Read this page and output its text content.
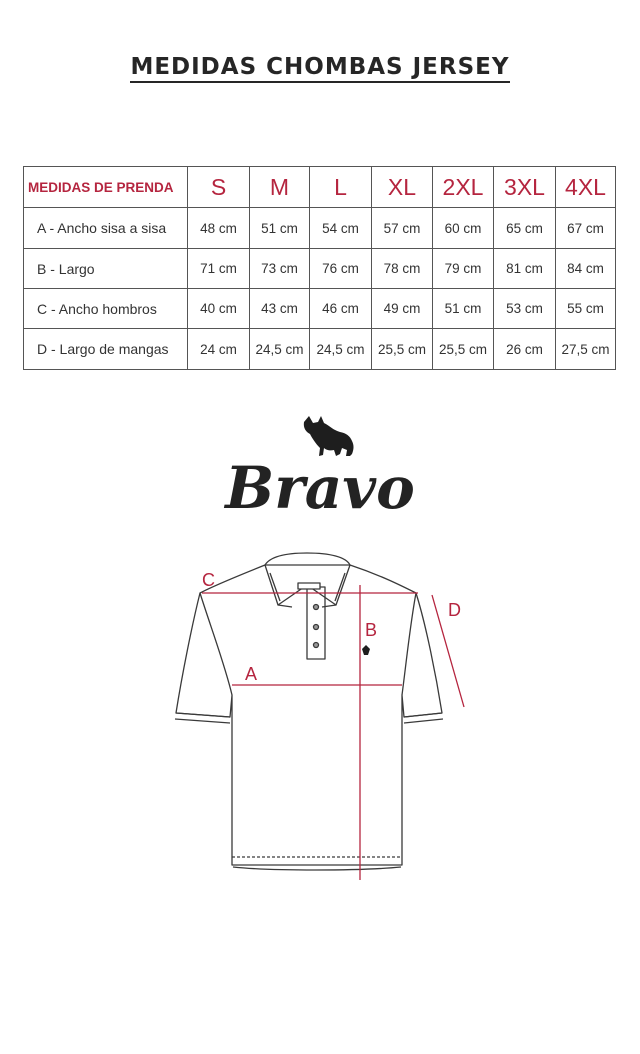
MEDIDAS CHOMBAS JERSEY
MEDIDAS DE PRENDA	S	M	L	XL	2XL	3XL	4XL
A - Ancho sisa a sisa	48 cm	51 cm	54 cm	57 cm	60 cm	65 cm	67 cm
B - Largo	71 cm	73 cm	76 cm	78 cm	79 cm	81 cm	84 cm
C - Ancho hombros	40 cm	43 cm	46 cm	49 cm	51 cm	53 cm	55 cm
D - Largo de mangas	24 cm	24,5 cm	24,5 cm	25,5 cm	25,5 cm	26 cm	27,5 cm
Bravo
C
B
A
D
